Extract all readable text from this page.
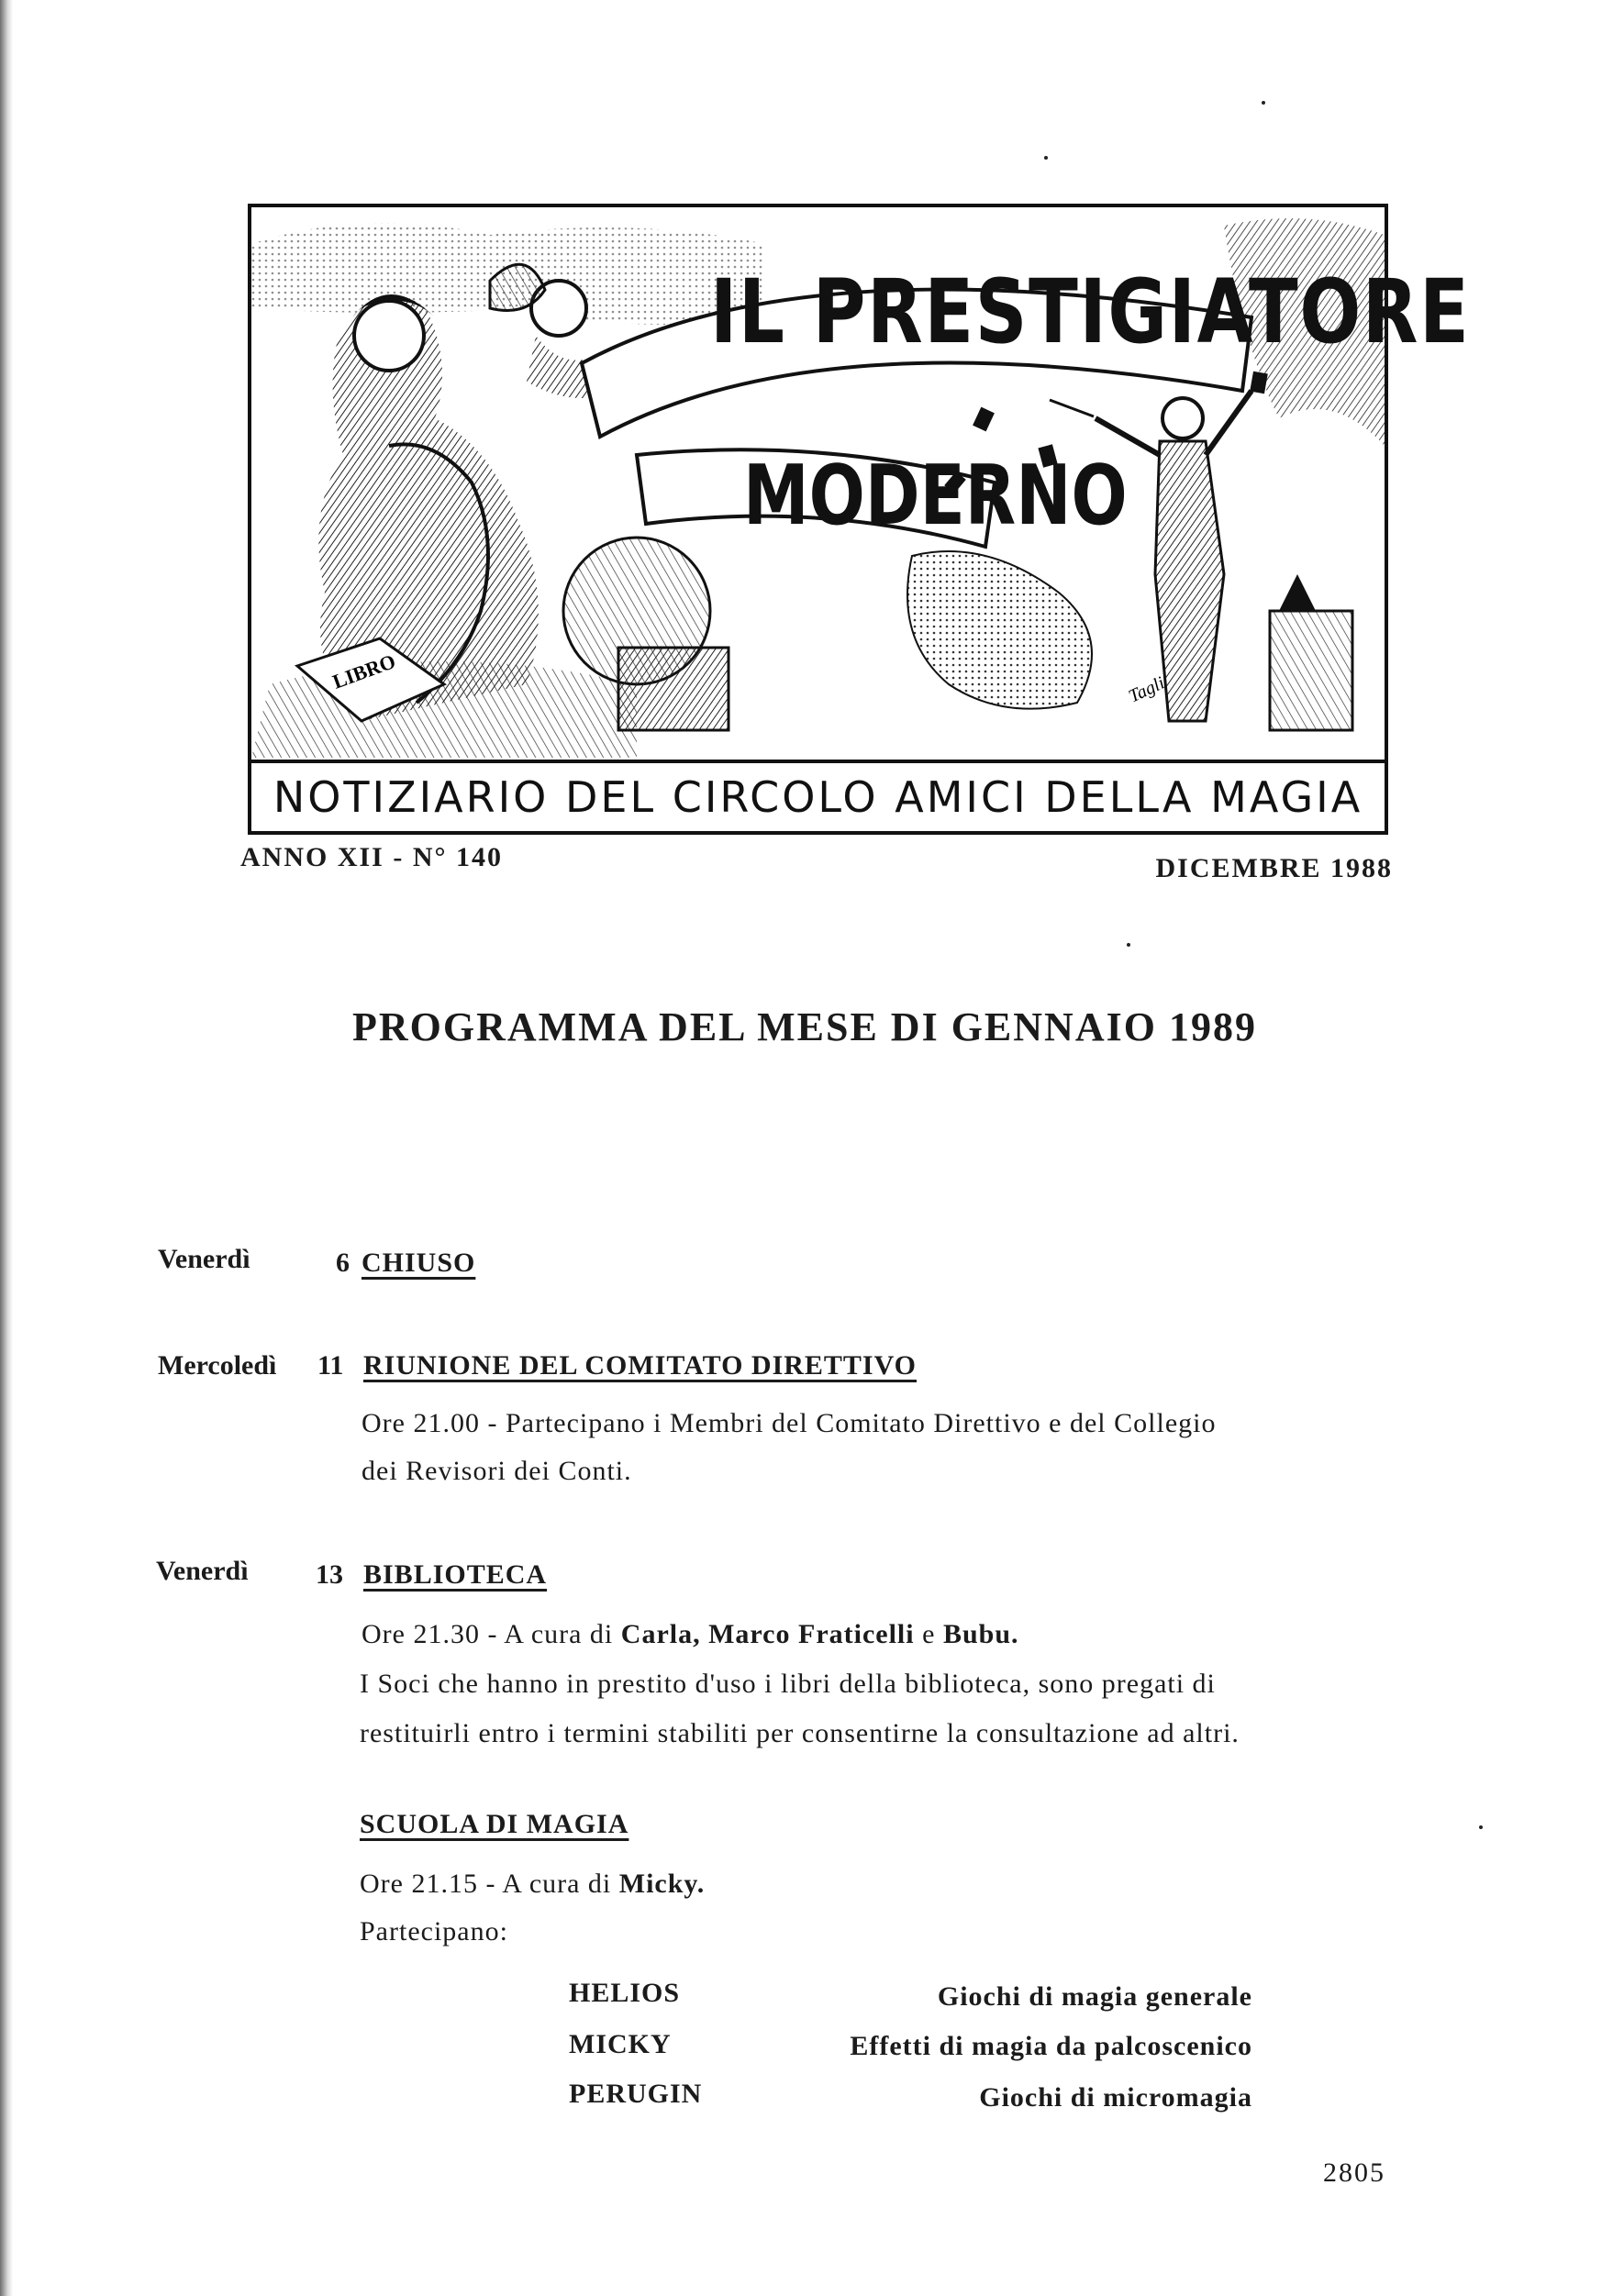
LIBRO	Tagli
IL PRESTIGIATORE
MODERNO
NOTIZIARIO DEL CIRCOLO AMICI DELLA MAGIA
ANNO XII - N° 140	DICEMBRE 1988
PROGRAMMA DEL MESE DI GENNAIO 1989
Venerdì	6 CHIUSO
Mercoledì 11 RIUNIONE DEL COMITATO DIRETTIVO
Ore 21.00 - Partecipano i Membri del Comitato Direttivo e del Collegio
dei Revisori dei Conti.
Venerdì 13 BIBLIOTECA
Ore 21.30 - A cura di Carla, Marco Fraticelli e Bubu.
I Soci che hanno in prestito d'uso i libri della biblioteca, sono pregati di
restituirli entro i termini stabiliti per consentirne la consultazione ad altri.
SCUOLA DI MAGIA
Ore 21.15 - A cura di Micky.
Partecipano:
HELIOS	Giochi di magia generale
MICKY	Effetti di magia da palcoscenico
PERUGIN	Giochi di micromagia
2805
